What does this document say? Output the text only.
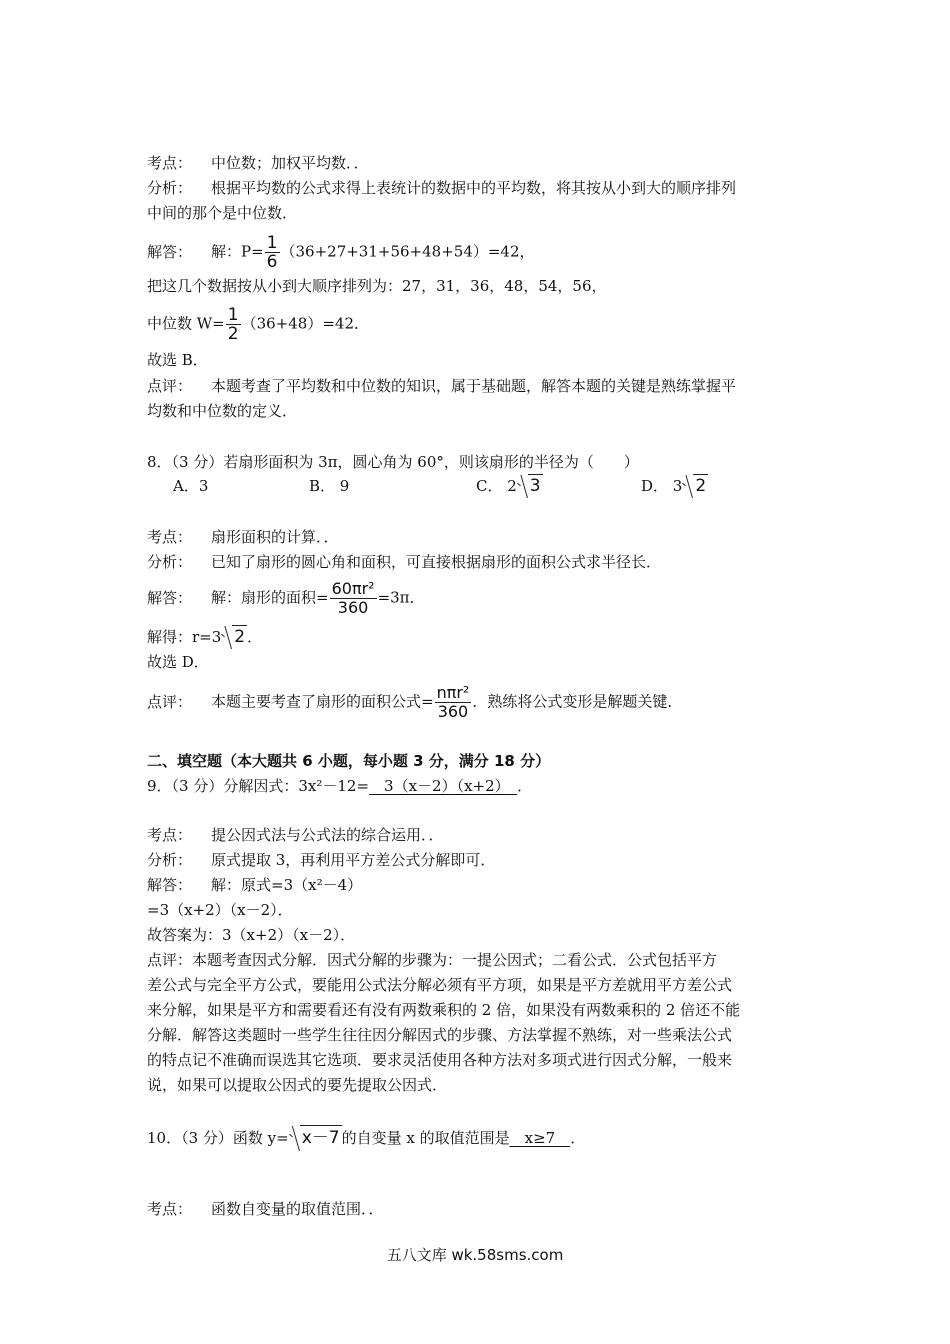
考点： 中位数；加权平均数．．
分析： 根据平均数的公式求得上表统计的数据中的平均数，将其按从小到大的顺序排列
中间的那个是中位数．
解答： 解：$P= \frac{1}{6} (36+27+31+56+48+54)=42$，
把这几个数据按从小到大顺序排列为：27，31，36，48，54，56，
中位数 $W= \frac{1}{2} (36+48)=42$．
故选 B．
点评： 本题考查了平均数和中位数的知识，属于基础题，解答本题的关键是熟练掌握平
均数和中位数的定义．
8．（3 分）若扇形面积为 3π，圆心角为 60°，则该扇形的半径为（　　）
A．3	B． 9	C． 2 3	D． 3 2
考点： 扇形面积的计算．．
分析： 已知了扇形的圆心角和面积，可直接根据扇形的面积公式求半径长．
解答： 解：扇形的面积= $\frac{\text{60πr²}}{360} =3\pi$．
解得：r=3 2 ．
故选 D．
点评： 本题主要考查了扇形的面积公式= $\frac{\text{nπr²}}{360}$ ．熟练将公式变形是解题关键．
二、填空题（本大题共 6 小题，每小题 3 分，满分 18 分）
9．（3 分）分解因式：3x²－12=　3（x－2）（x+2）　．
考点： 提公因式法与公式法的综合运用．．
分析： 原式提取 3，再利用平方差公式分解即可．
解答： 解：原式=3（x²－4）
=3（x+2）（x－2）．
故答案为：3（x+2）（x－2）．
点评：本题考查因式分解．因式分解的步骤为：一提公因式；二看公式．公式包括平方
差公式与完全平方公式，要能用公式法分解必须有平方项，如果是平方差就用平方差公式
来分解，如果是平方和需要看还有没有两数乘积的 2 倍，如果没有两数乘积的 2 倍还不能
分解．解答这类题时一些学生往往因分解因式的步骤、方法掌握不熟练，对一些乘法公式
的特点记不准确而误选其它选项．要求灵活使用各种方法对多项式进行因式分解，一般来
说，如果可以提取公因式的要先提取公因式．
10．（3 分）函数 y= x－7 的自变量 x 的取值范围是　x≥7　．
考点： 函数自变量的取值范围．．
五八文库 wk.58sms.com
